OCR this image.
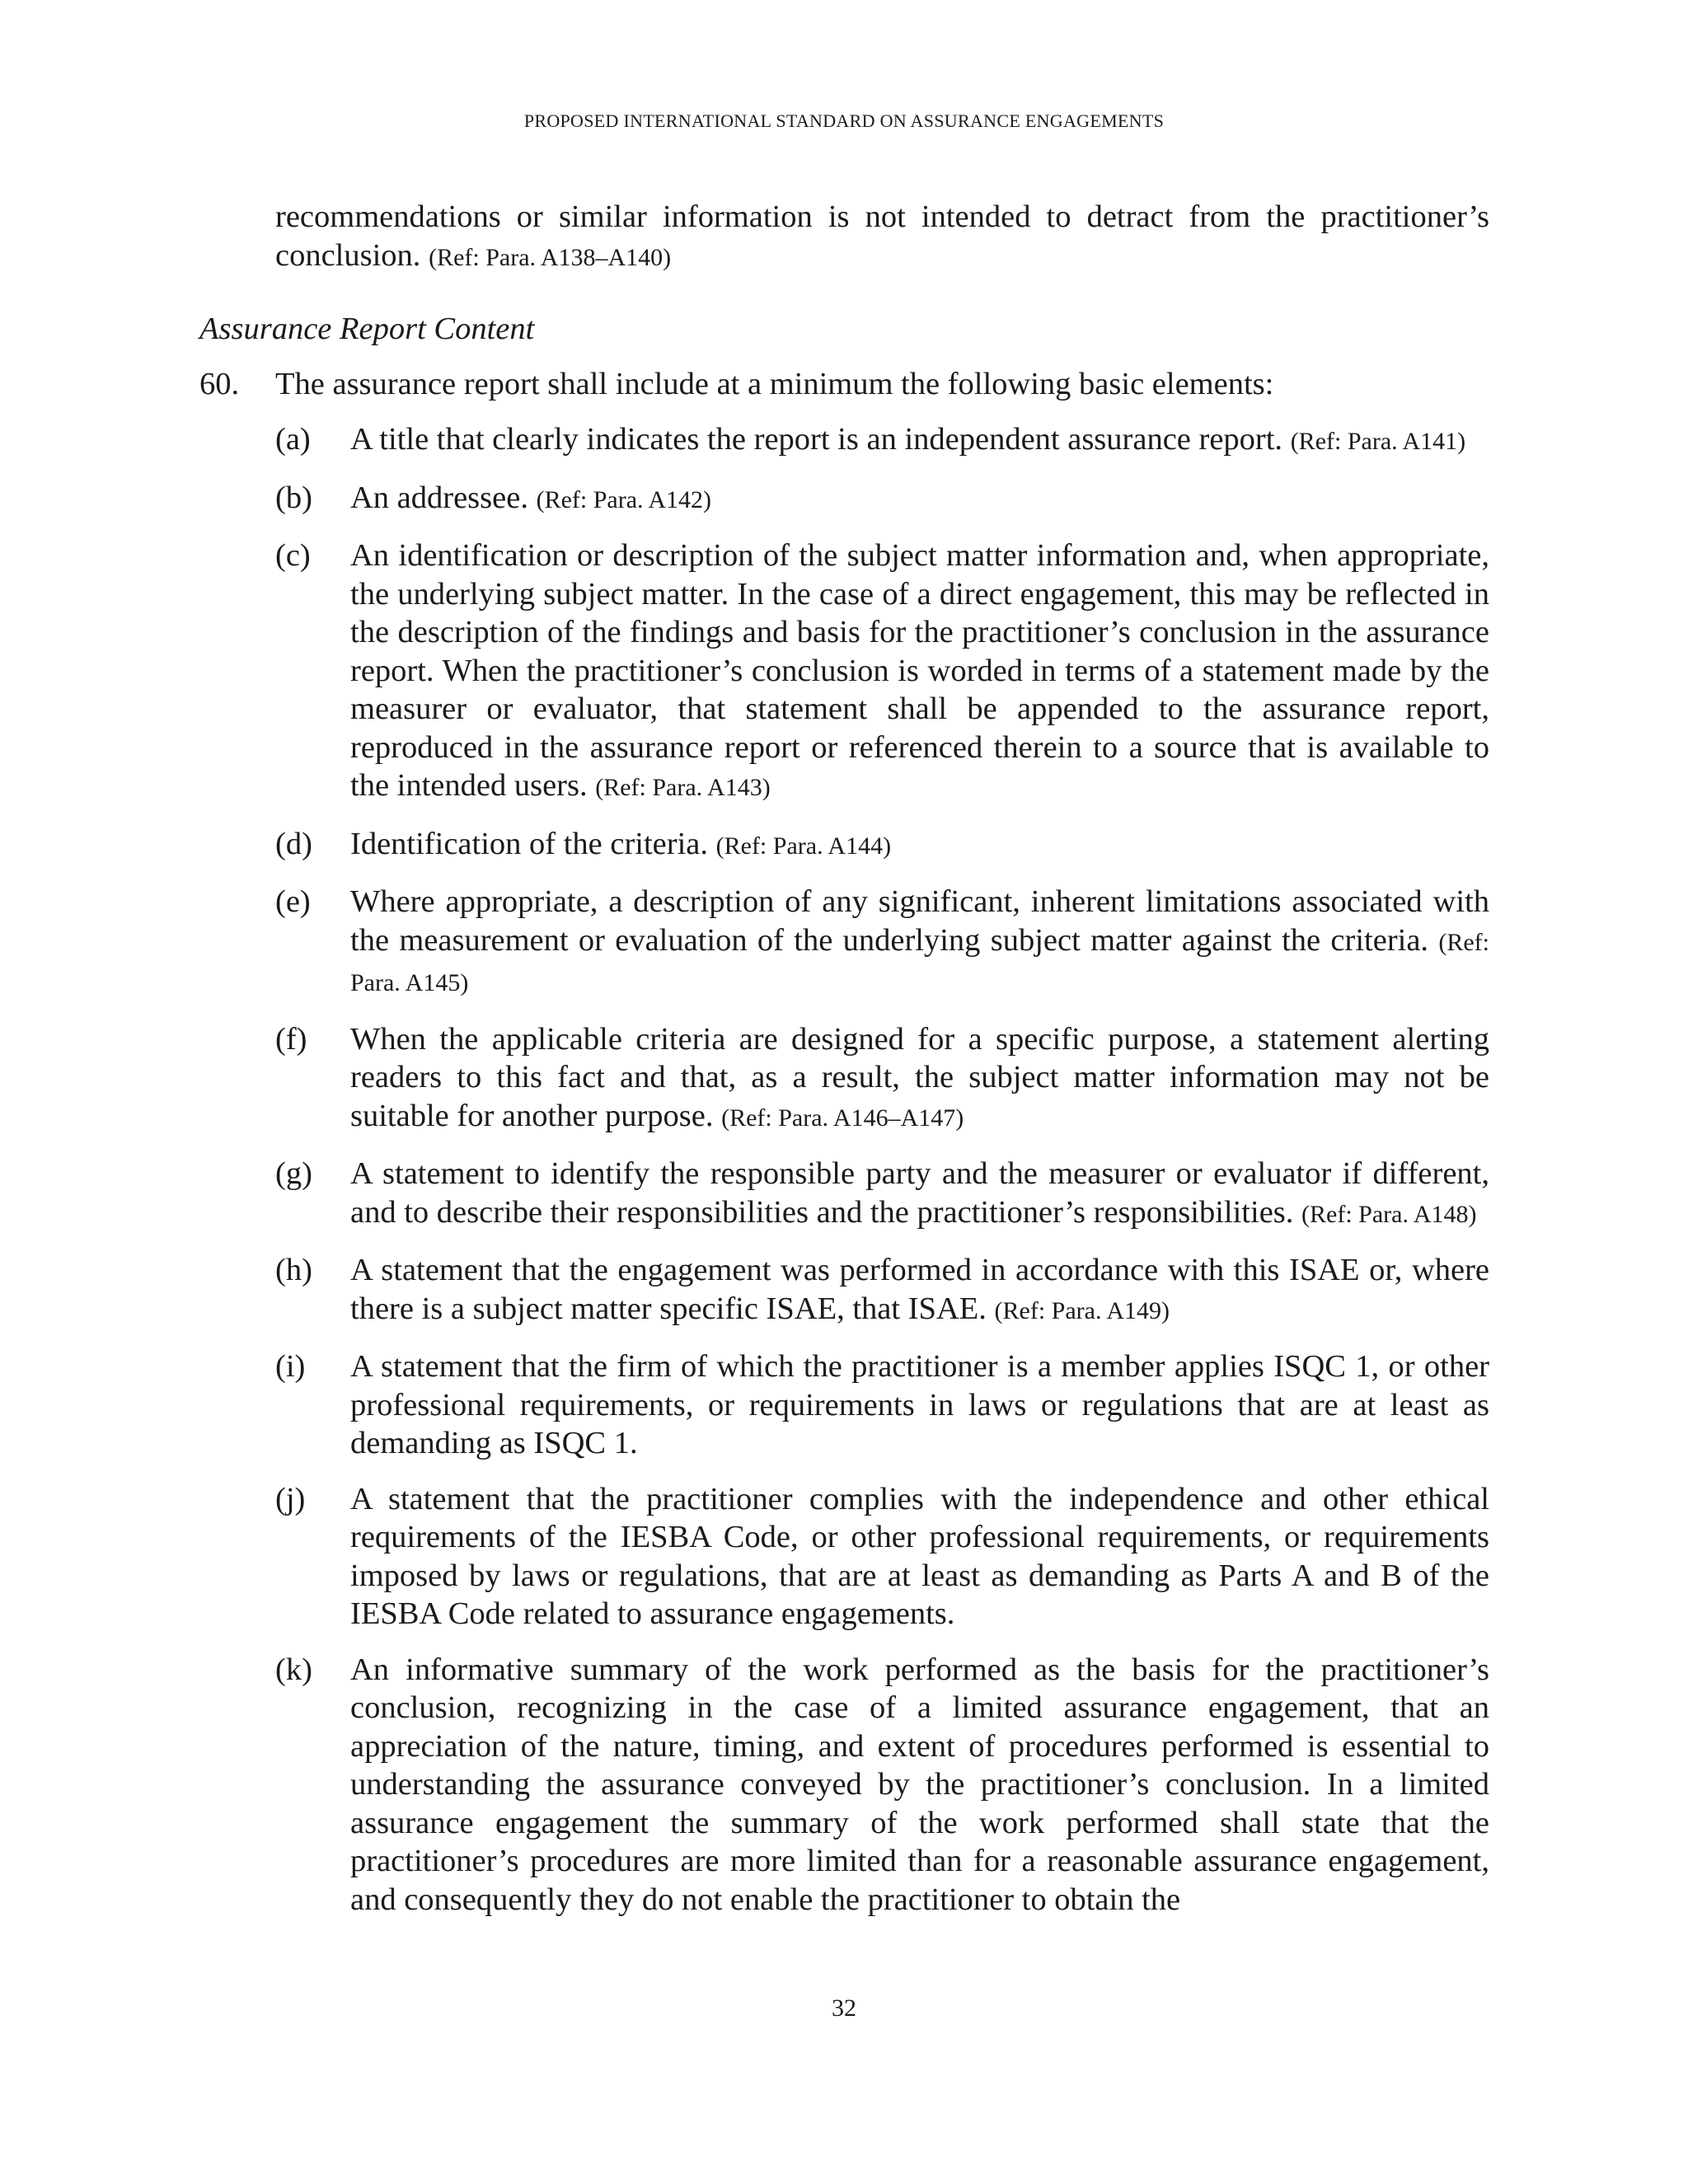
PROPOSED INTERNATIONAL STANDARD ON ASSURANCE ENGAGEMENTS

recommendations or similar information is not intended to detract from the practitioner’s conclusion. (Ref: Para. A138–A140)

Assurance Report Content
60.	The assurance report shall include at a minimum the following basic elements:
(a)	A title that clearly indicates the report is an independent assurance report. (Ref: Para. A141)
(b)	An addressee. (Ref: Para. A142)
(c)	An identification or description of the subject matter information and, when appropriate, the underlying subject matter. In the case of a direct engagement, this may be reflected in the description of the findings and basis for the practitioner’s conclusion in the assurance report. When the practitioner’s conclusion is worded in terms of a statement made by the measurer or evaluator, that statement shall be appended to the assurance report, reproduced in the assurance report or referenced therein to a source that is available to the intended users. (Ref: Para. A143)
(d)	Identification of the criteria. (Ref: Para. A144)
(e)	Where appropriate, a description of any significant, inherent limitations associated with the measurement or evaluation of the underlying subject matter against the criteria. (Ref: Para. A145)
(f)	When the applicable criteria are designed for a specific purpose, a statement alerting readers to this fact and that, as a result, the subject matter information may not be suitable for another purpose. (Ref: Para. A146–A147)
(g)	A statement to identify the responsible party and the measurer or evaluator if different, and to describe their responsibilities and the practitioner’s responsibilities. (Ref: Para. A148)
(h)	A statement that the engagement was performed in accordance with this ISAE or, where there is a subject matter specific ISAE, that ISAE. (Ref: Para. A149)
(i)	A statement that the firm of which the practitioner is a member applies ISQC 1, or other professional requirements, or requirements in laws or regulations that are at least as demanding as ISQC 1.
(j)	A statement that the practitioner complies with the independence and other ethical requirements of the IESBA Code, or other professional requirements, or requirements imposed by laws or regulations, that are at least as demanding as Parts A and B of the IESBA Code related to assurance engagements.
(k)	An informative summary of the work performed as the basis for the practitioner’s conclusion, recognizing in the case of a limited assurance engagement, that an appreciation of the nature, timing, and extent of procedures performed is essential to understanding the assurance conveyed by the practitioner’s conclusion. In a limited assurance engagement the summary of the work performed shall state that the practitioner’s procedures are more limited than for a reasonable assurance engagement, and consequently they do not enable the practitioner to obtain the
32
